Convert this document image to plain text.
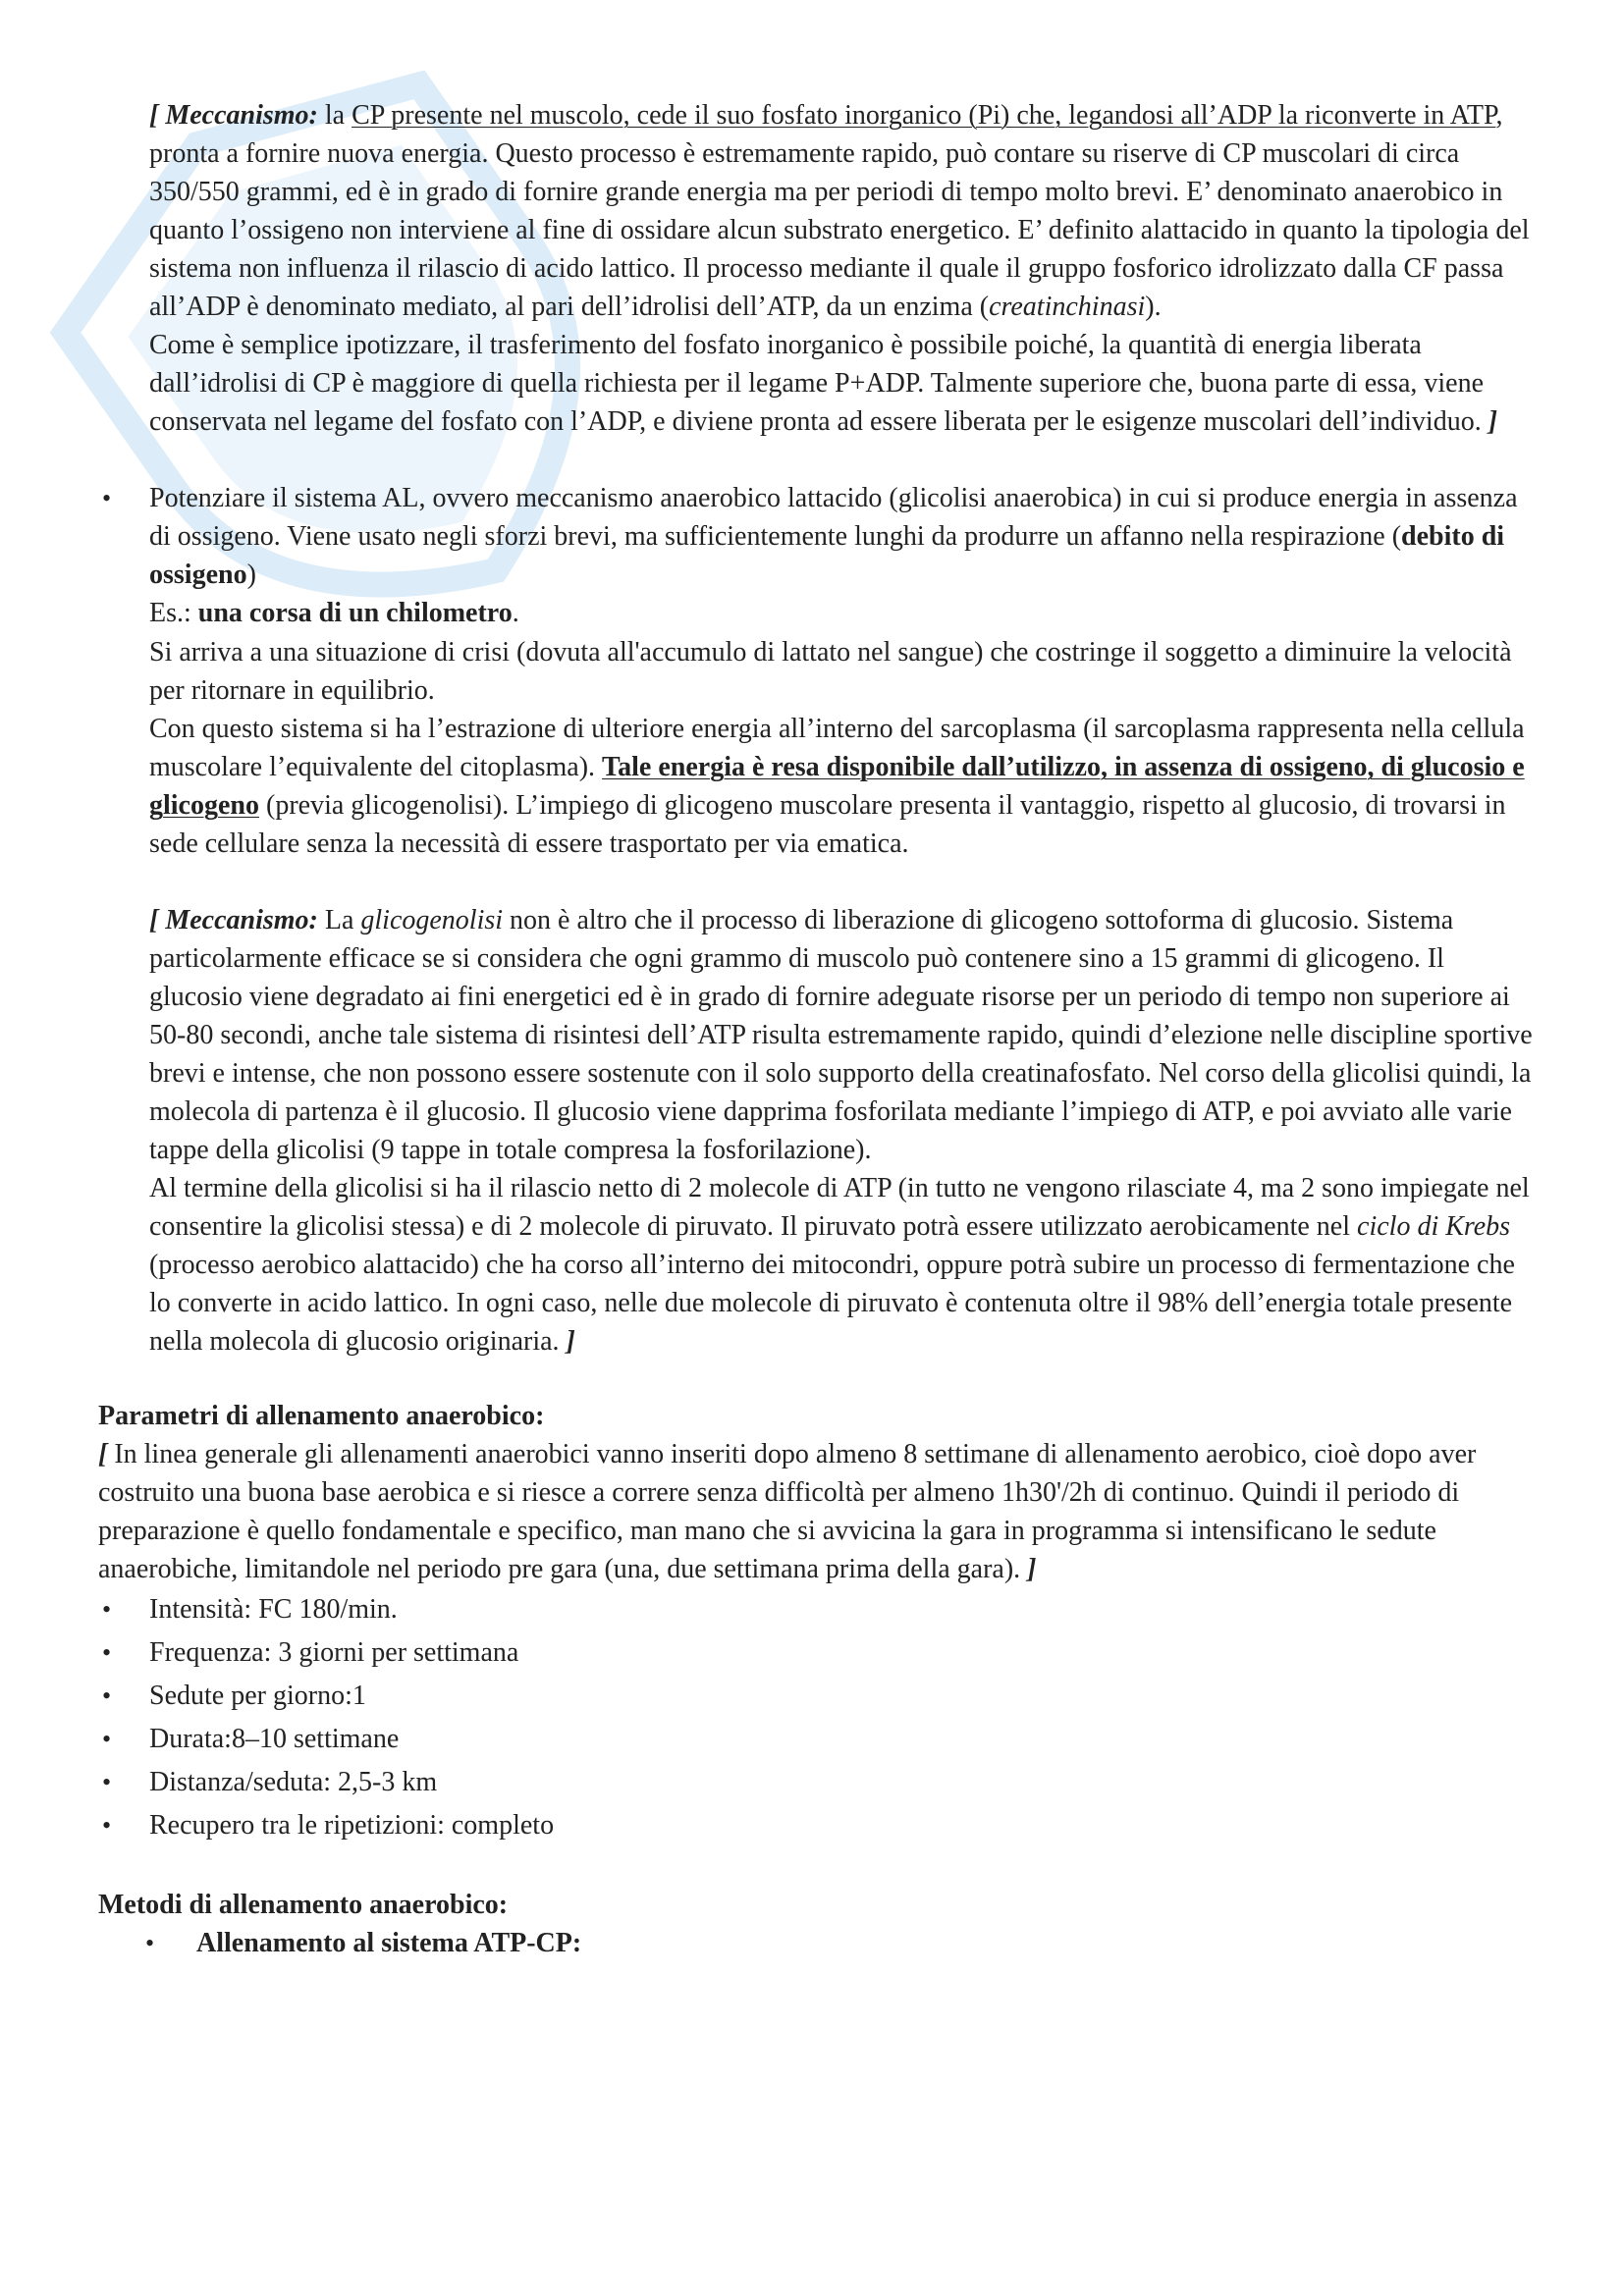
[ Meccanismo: la CP presente nel muscolo, cede il suo fosfato inorganico (Pi) che, legandosi all’ADP la riconverte in ATP, pronta a fornire nuova energia. Questo processo è estremamente rapido, può contare su riserve di CP muscolari di circa 350/550 grammi, ed è in grado di fornire grande energia ma per periodi di tempo molto brevi. E’ denominato anaerobico in quanto l’ossigeno non interviene al fine di ossidare alcun substrato energetico. E’ definito alattacido in quanto la tipologia del sistema non influenza il rilascio di acido lattico. Il processo mediante il quale il gruppo fosforico idrolizzato dalla CF passa all’ADP è denominato mediato, al pari dell’idrolisi dell’ATP, da un enzima (creatinchinasi).

Come è semplice ipotizzare, il trasferimento del fosfato inorganico è possibile poiché, la quantità di energia liberata dall’idrolisi di CP è maggiore di quella richiesta per il legame P+ADP. Talmente superiore che, buona parte di essa, viene conservata nel legame del fosfato con l’ADP, e diviene pronta ad essere liberata per le esigenze muscolari dell’individuo. ]

• Potenziare il sistema AL, ovvero meccanismo anaerobico lattacido (glicolisi anaerobica) in cui si produce energia in assenza di ossigeno. Viene usato negli sforzi brevi, ma sufficientemente lunghi da produrre un affanno nella respirazione (debito di ossigeno)

Es.: una corsa di un chilometro.

Si arriva a una situazione di crisi (dovuta all'accumulo di lattato nel sangue) che costringe il soggetto a diminuire la velocità per ritornare in equilibrio.

Con questo sistema si ha l’estrazione di ulteriore energia all’interno del sarcoplasma (il sarcoplasma rappresenta nella cellula muscolare l’equivalente del citoplasma). Tale energia è resa disponibile dall’utilizzo, in assenza di ossigeno, di glucosio e glicogeno (previa glicogenolisi). L’impiego di glicogeno muscolare presenta il vantaggio, rispetto al glucosio, di trovarsi in sede cellulare senza la necessità di essere trasportato per via ematica.

[ Meccanismo: La glicogenolisi non è altro che il processo di liberazione di glicogeno sottoforma di glucosio. Sistema particolarmente efficace se si considera che ogni grammo di muscolo può contenere sino a 15 grammi di glicogeno. Il glucosio viene degradato ai fini energetici ed è in grado di fornire adeguate risorse per un periodo di tempo non superiore ai 50-80 secondi, anche tale sistema di risintesi dell’ATP risulta estremamente rapido, quindi d’elezione nelle discipline sportive brevi e intense, che non possono essere sostenute con il solo supporto della creatinafosfato. Nel corso della glicolisi quindi, la molecola di partenza è il glucosio. Il glucosio viene dapprima fosforilata mediante l’impiego di ATP, e poi avviato alle varie tappe della glicolisi (9 tappe in totale compresa la fosforilazione).

Al termine della glicolisi si ha il rilascio netto di 2 molecole di ATP (in tutto ne vengono rilasciate 4, ma 2 sono impiegate nel consentire la glicolisi stessa) e di 2 molecole di piruvato. Il piruvato potrà essere utilizzato aerobicamente nel ciclo di Krebs (processo aerobico alattacido) che ha corso all’interno dei mitocondri, oppure potrà subire un processo di fermentazione che lo converte in acido lattico. In ogni caso, nelle due molecole di piruvato è contenuta oltre il 98% dell’energia totale presente nella molecola di glucosio originaria. ]

Parametri di allenamento anaerobico:

[ In linea generale gli allenamenti anaerobici vanno inseriti dopo almeno 8 settimane di allenamento aerobico, cioè dopo aver costruito una buona base aerobica e si riesce a correre senza difficoltà per almeno 1h30'/2h di continuo. Quindi il periodo di preparazione è quello fondamentale e specifico, man mano che si avvicina la gara in programma si intensificano le sedute anaerobiche, limitandole nel periodo pre gara (una, due settimana prima della gara). ]

• Intensità: FC 180/min.
• Frequenza: 3 giorni per settimana
• Sedute per giorno:1
• Durata:8–10 settimane
• Distanza/seduta: 2,5-3 km
• Recupero tra le ripetizioni: completo

Metodi di allenamento anaerobico:

• Allenamento al sistema ATP-CP:
